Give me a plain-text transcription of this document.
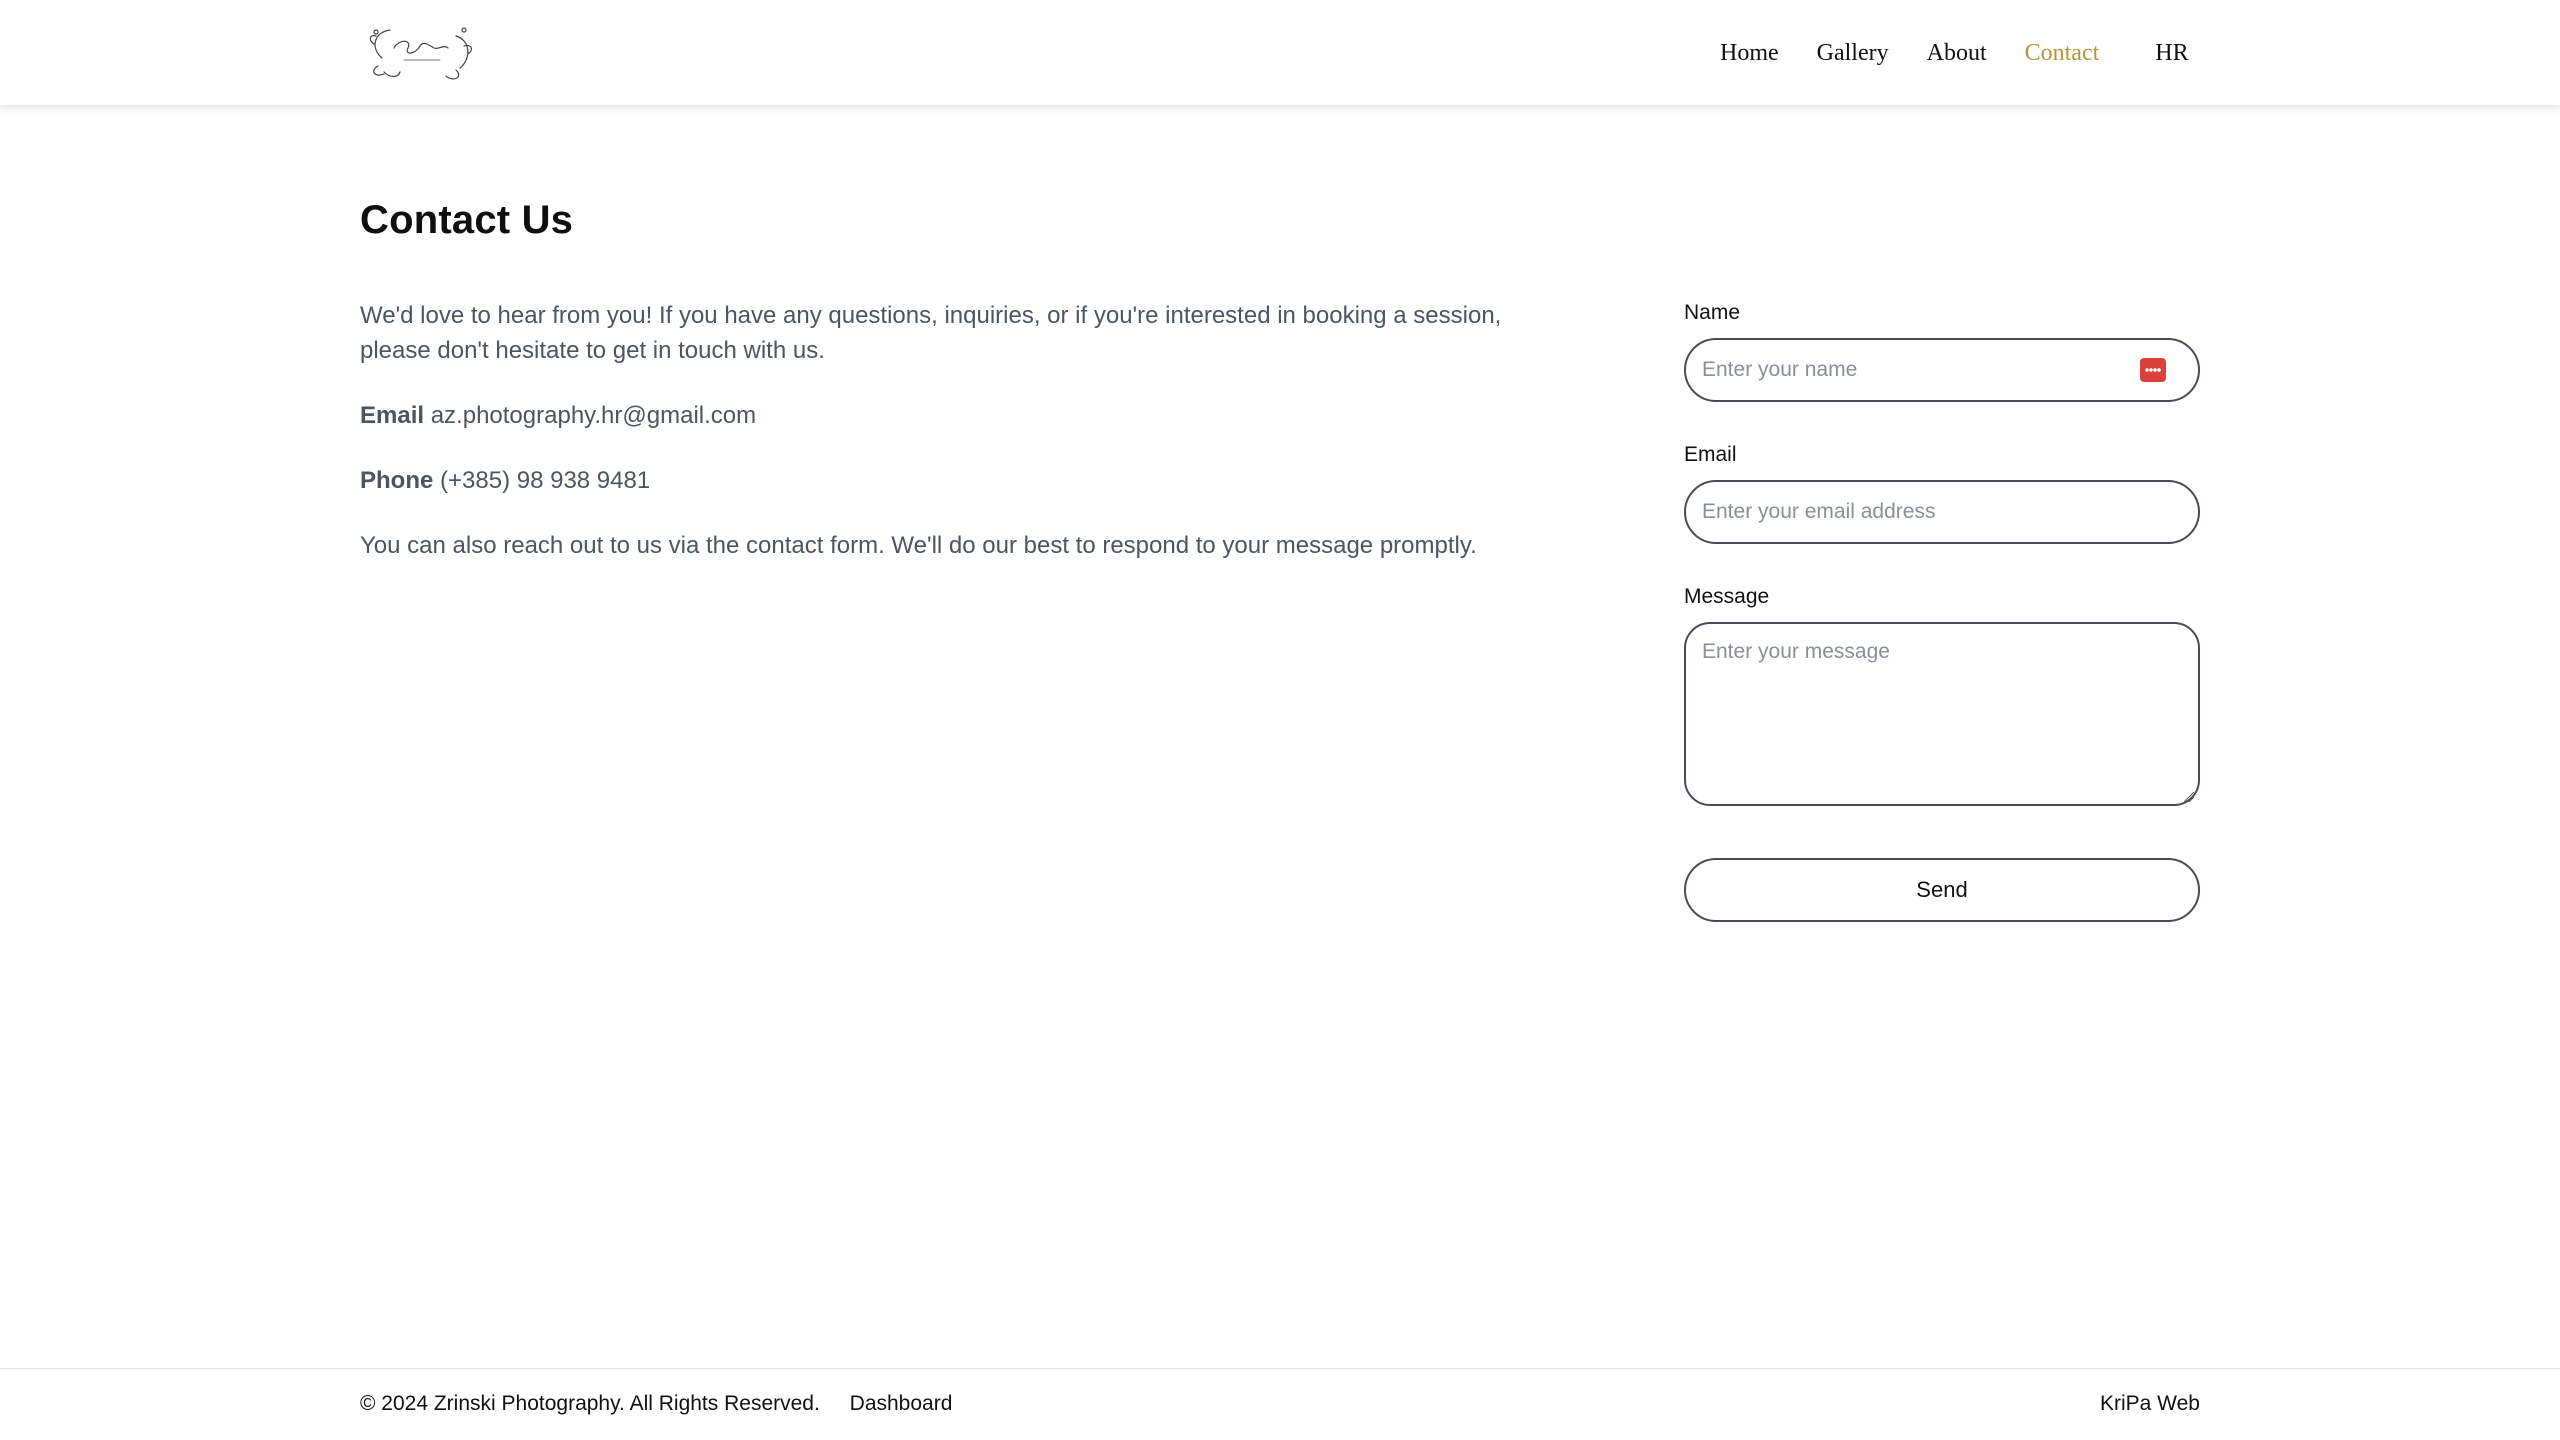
Home Gallery About Contact HR
Contact Us

We'd love to hear from you! If you have any questions, inquiries, or if you're interested in booking a session, please don't hesitate to get in touch with us.

Email az.photography.hr@gmail.com

Phone (+385) 98 938 9481

You can also reach out to us via the contact form. We'll do our best to respond to your message promptly.

Name
Enter your name
Email
Enter your email address
Message
Enter your message
Send
© 2024 Zrinski Photography. All Rights Reserved. Dashboard	KriPa Web
